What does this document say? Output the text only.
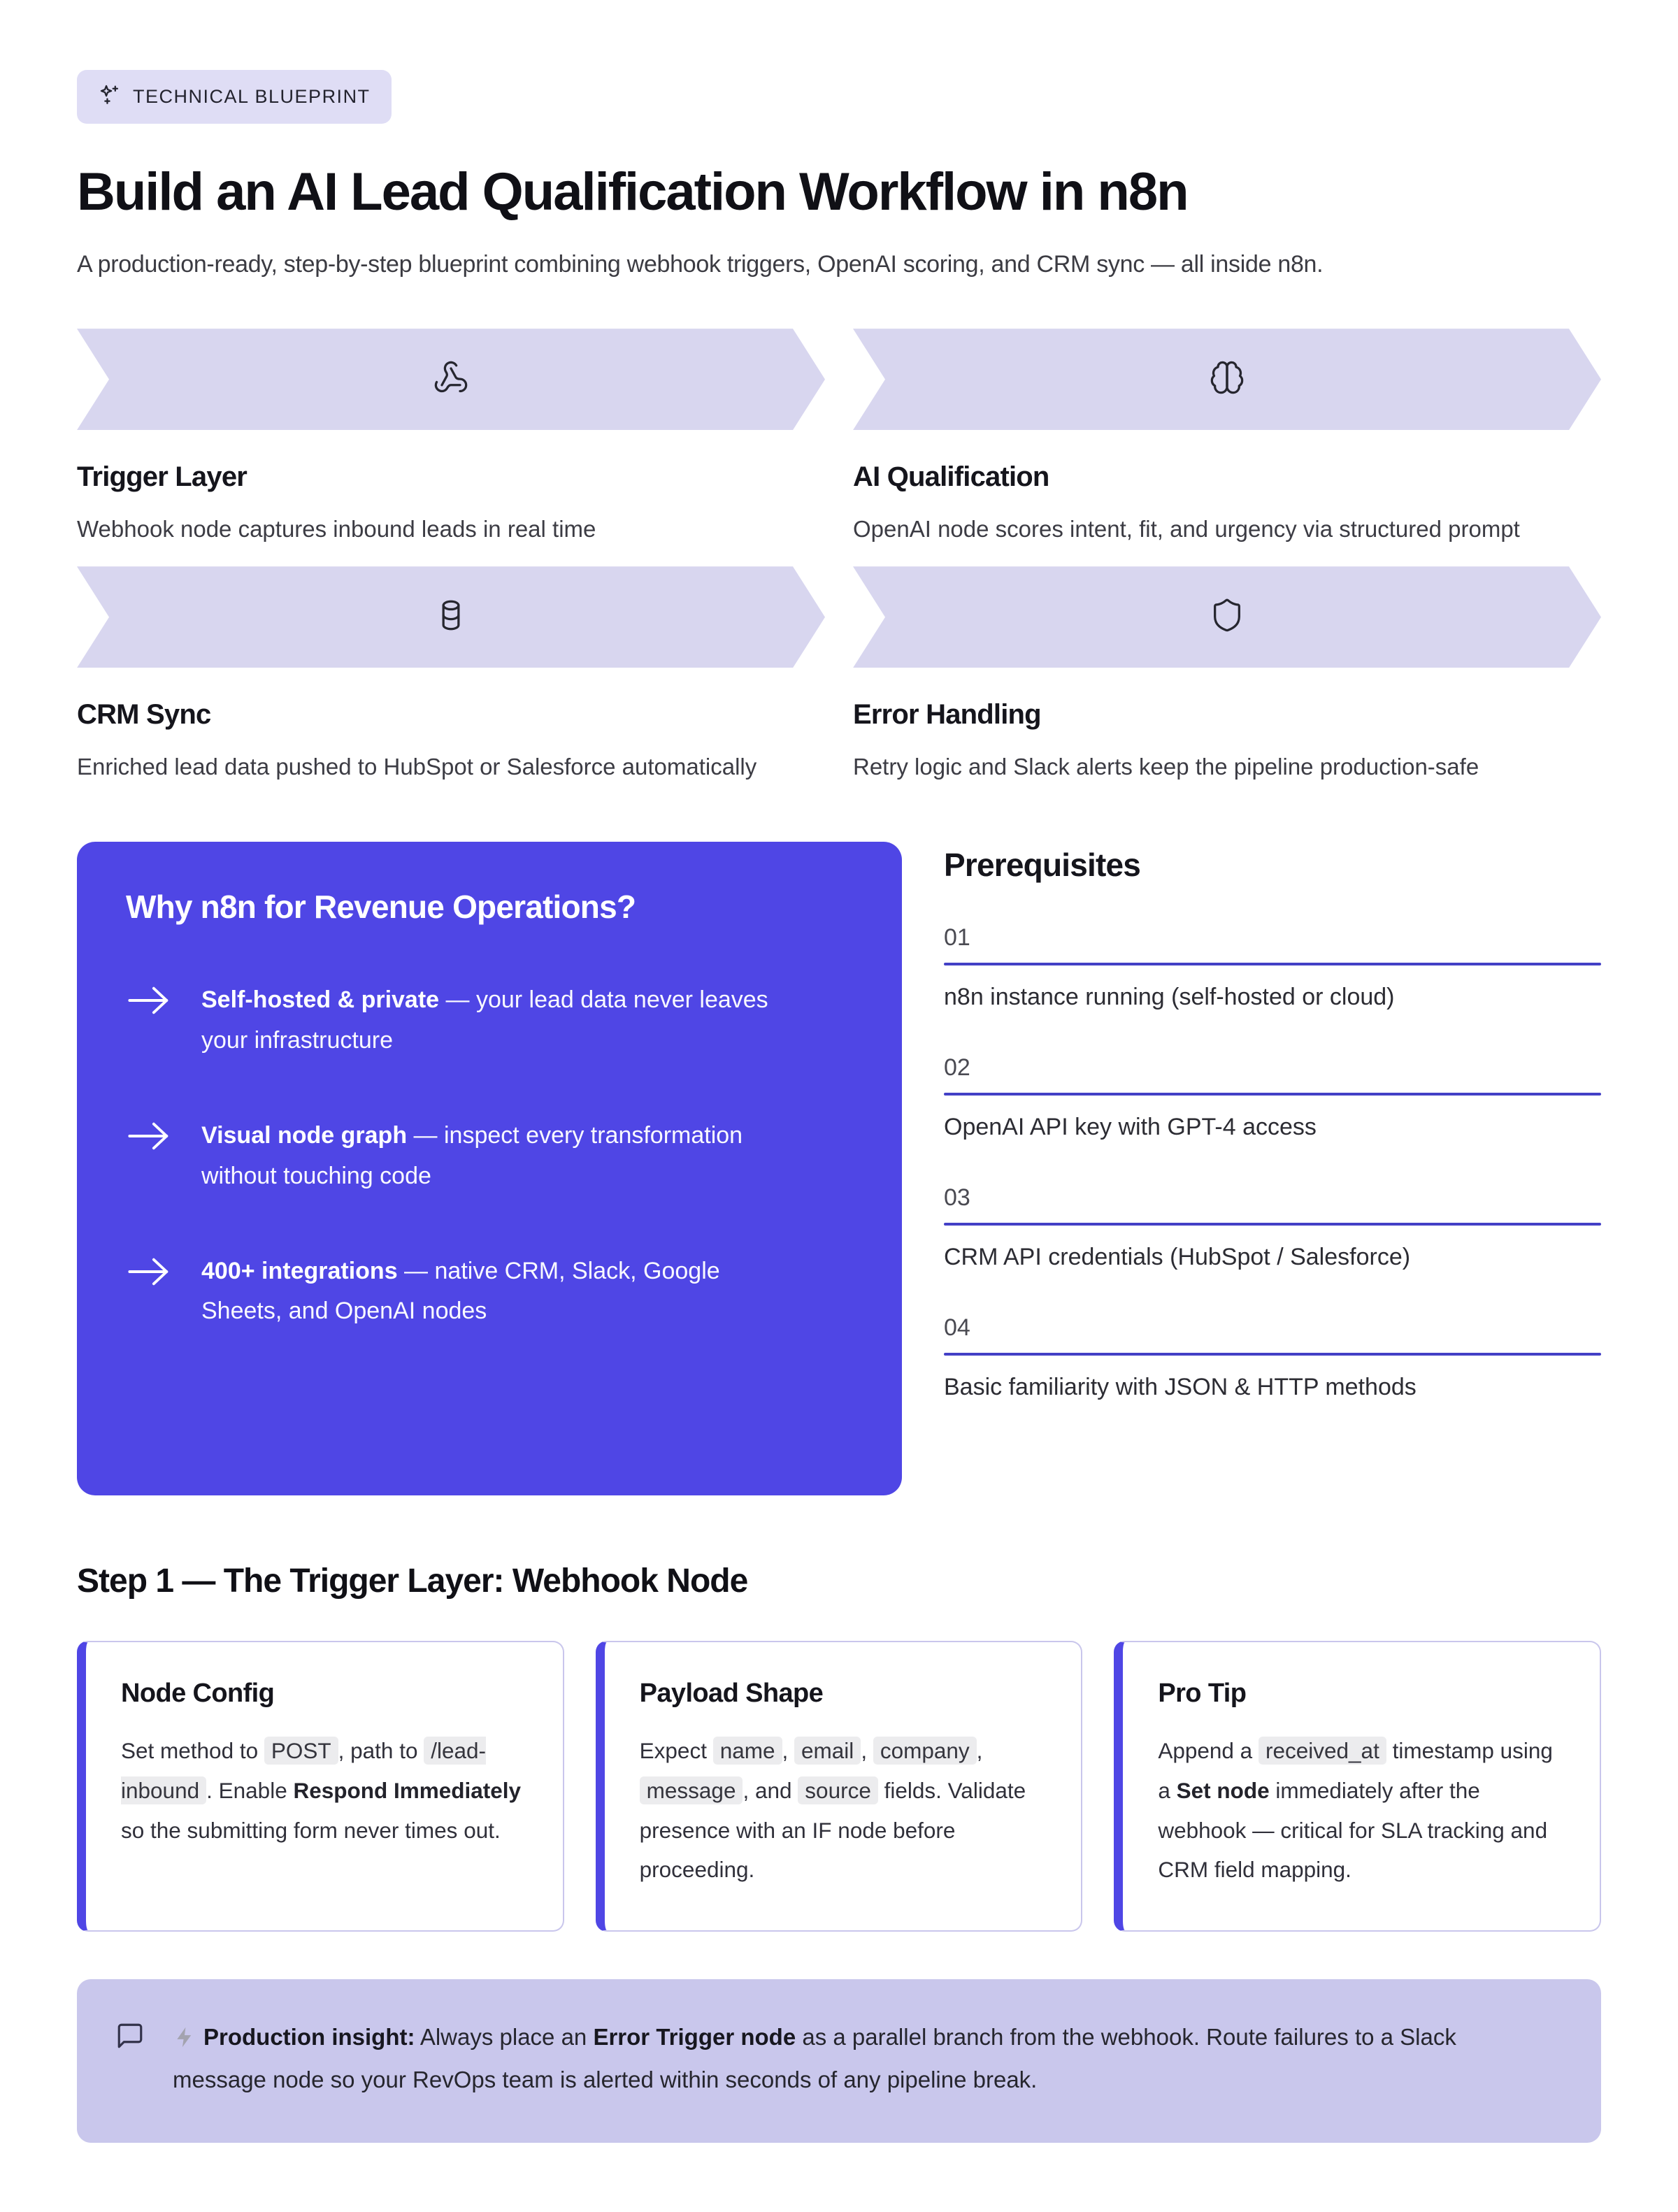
TECHNICAL BLUEPRINT
Build an AI Lead Qualification Workflow in n8n

A production-ready, step-by-step blueprint combining webhook triggers, OpenAI scoring, and CRM sync — all inside n8n.

Trigger Layer

Webhook node captures inbound leads in real time

AI Qualification

OpenAI node scores intent, fit, and urgency via structured prompt

CRM Sync

Enriched lead data pushed to HubSpot or Salesforce automatically

Error Handling

Retry logic and Slack alerts keep the pipeline production-safe

Why n8n for Revenue Operations?
Self-hosted & private — your lead data never leaves your infrastructure
Visual node graph — inspect every transformation without touching code
400+ integrations — native CRM, Slack, Google Sheets, and OpenAI nodes
Prerequisites
01
n8n instance running (self-hosted or cloud)
02
OpenAI API key with GPT-4 access
03
CRM API credentials (HubSpot / Salesforce)
04
Basic familiarity with JSON & HTTP methods
Step 1 — The Trigger Layer: Webhook Node
Node Config
Set method to POST , path to /lead-inbound . Enable Respond Immediately so the submitting form never times out.
Payload Shape
Expect name , email , company , message , and source fields. Validate presence with an IF node before proceeding.
Pro Tip
Append a received_at timestamp using a Set node immediately after the webhook — critical for SLA tracking and CRM field mapping.
Production insight: Always place an Error Trigger node as a parallel branch from the webhook. Route failures to a Slack message node so your RevOps team is alerted within seconds of any pipeline break.
